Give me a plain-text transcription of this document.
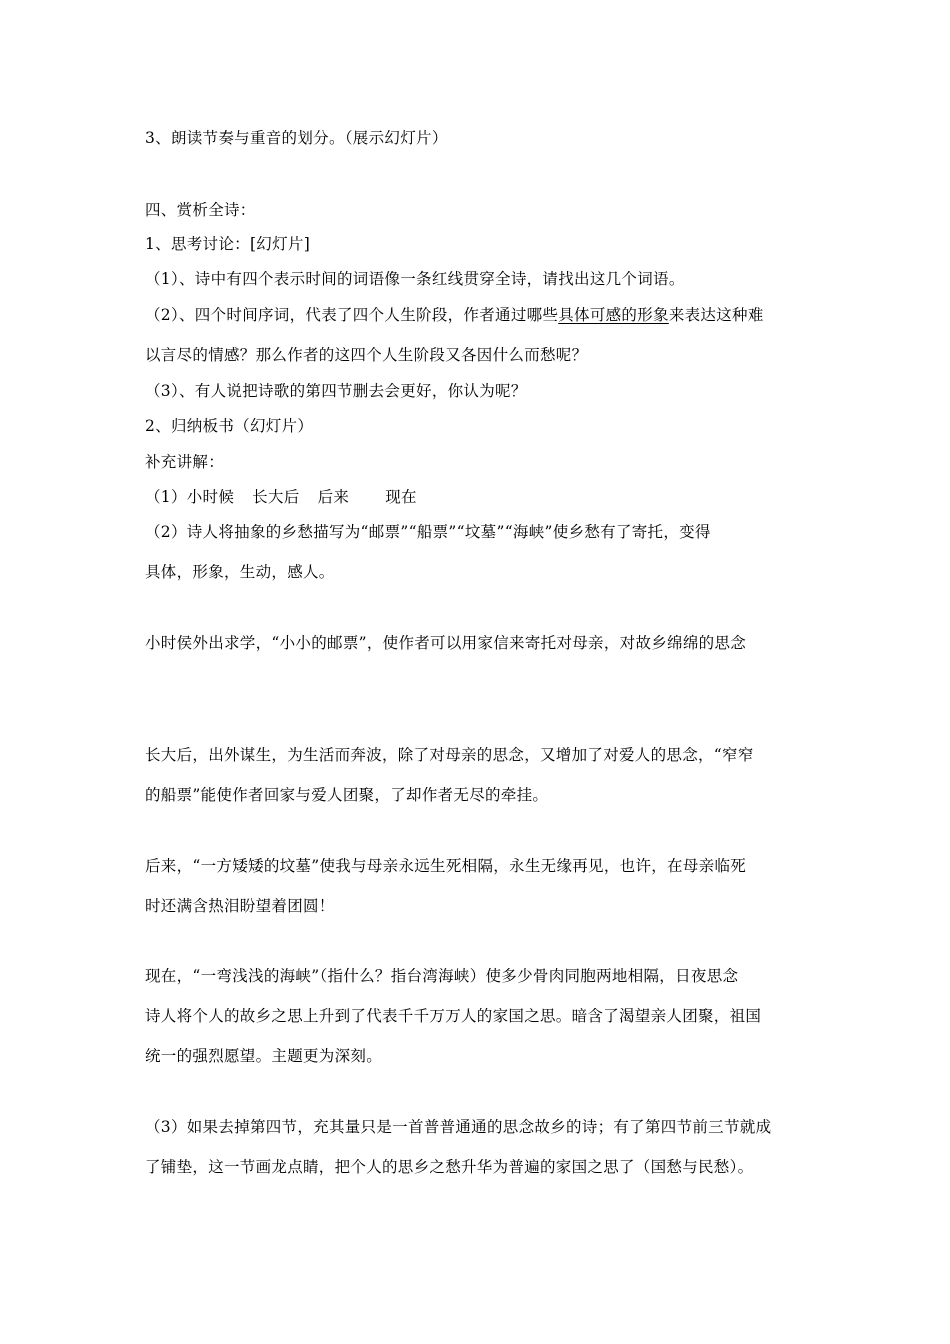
3、朗读节奏与重音的划分。（展示幻灯片）
四、赏析全诗：
1、思考讨论：[幻灯片]
（1）、诗中有四个表示时间的词语像一条红线贯穿全诗，请找出这几个词语。
（2）、四个时间序词，代表了四个人生阶段，作者通过哪些具体可感的形象来表达这种难
以言尽的情感？那么作者的这四个人生阶段又各因什么而愁呢？
（3）、有人说把诗歌的第四节删去会更好，你认为呢？
2、归纳板书（幻灯片）
补充讲解：
（1）小时候 长大后 后来 现在
（2）诗人将抽象的乡愁描写为“邮票”“船票”“坟墓”“海峡”使乡愁有了寄托，变得
具体，形象，生动，感人。
小时侯外出求学，“小小的邮票”，使作者可以用家信来寄托对母亲，对故乡绵绵的思念
长大后，出外谋生，为生活而奔波，除了对母亲的思念，又增加了对爱人的思念，“窄窄
的船票”能使作者回家与爱人团聚，了却作者无尽的牵挂。
后来，“一方矮矮的坟墓”使我与母亲永远生死相隔，永生无缘再见，也许，在母亲临死
时还满含热泪盼望着团圆！
现在，“一弯浅浅的海峡”（指什么？指台湾海峡）使多少骨肉同胞两地相隔，日夜思念
诗人将个人的故乡之思上升到了代表千千万万人的家国之思。暗含了渴望亲人团聚，祖国
统一的强烈愿望。主题更为深刻。
（3）如果去掉第四节，充其量只是一首普普通通的思念故乡的诗；有了第四节前三节就成
了铺垫，这一节画龙点睛，把个人的思乡之愁升华为普遍的家国之思了（国愁与民愁）。
